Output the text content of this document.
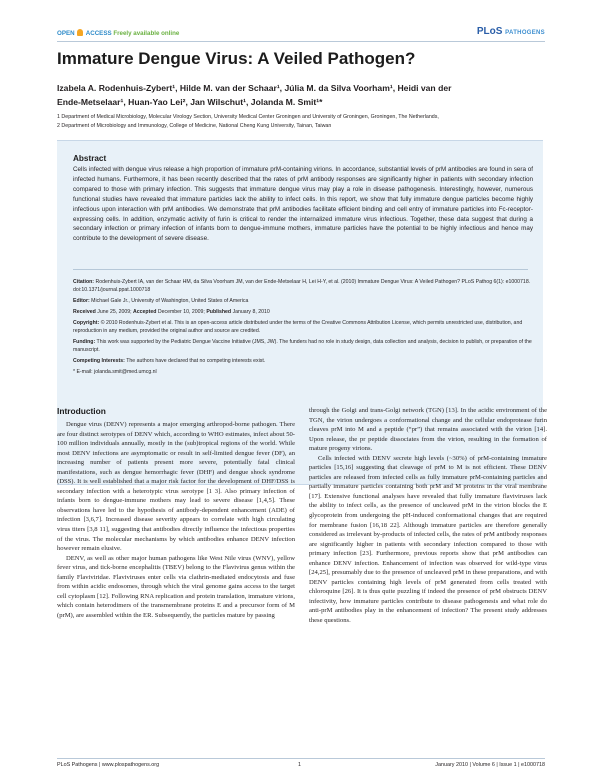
OPEN ACCESS Freely available online	PLoS PATHOGENS
Immature Dengue Virus: A Veiled Pathogen?
Izabela A. Rodenhuis-Zybert¹, Hilde M. van der Schaar¹, Júlia M. da Silva Voorham¹, Heidi van der
Ende-Metselaar¹, Huan-Yao Lei², Jan Wilschut¹, Jolanda M. Smit¹*

1 Department of Medical Microbiology, Molecular Virology Section, University Medical Center Groningen and University of Groningen, Groningen, The Netherlands,

2 Department of Microbiology and Immunology, College of Medicine, National Cheng Kung University, Tainan, Taiwan

Abstract

Cells infected with dengue virus release a high proportion of immature prM-containing virions. In accordance, substantial levels of prM antibodies are found in sera of infected humans. Furthermore, it has been recently described that the rates of prM antibody responses are significantly higher in patients with secondary infection compared to those with primary infection. This suggests that immature dengue virus may play a role in disease pathogenesis. Interestingly, however, numerous functional studies have revealed that immature particles lack the ability to infect cells. In this report, we show that fully immature dengue particles become highly infectious upon interaction with prM antibodies. We demonstrate that prM antibodies facilitate efficient binding and cell entry of immature particles into Fc-receptor-expressing cells. In addition, enzymatic activity of furin is critical to render the internalized immature virus infectious. Together, these data suggest that during a secondary infection or primary infection of infants born to dengue-immune mothers, immature particles have the potential to be highly infectious and hence may contribute to the development of severe disease.

Citation: Rodenhuis-Zybert IA, van der Schaar HM, da Silva Voorham JM, van der Ende-Metselaar H, Lei H-Y, et al. (2010) Immature Dengue Virus: A Veiled Pathogen? PLoS Pathog 6(1): e1000718. doi:10.1371/journal.ppat.1000718

Editor: Michael Gale Jr., University of Washington, United States of America

Received June 25, 2009; Accepted December 10, 2009; Published January 8, 2010

Copyright: © 2010 Rodenhuis-Zybert et al. This is an open-access article distributed under the terms of the Creative Commons Attribution License, which permits unrestricted use, distribution, and reproduction in any medium, provided the original author and source are credited.

Funding: This work was supported by the Pediatric Dengue Vaccine Initiative (JMS, JW). The funders had no role in study design, data collection and analysis, decision to publish, or preparation of the manuscript.

Competing Interests: The authors have declared that no competing interests exist.

* E-mail: jolanda.smit@med.umcg.nl

Introduction

Dengue virus (DENV) represents a major emerging arthropod-borne pathogen. There are four distinct serotypes of DENV which, according to WHO estimates, infect about 50-100 million individuals annually, mostly in the (sub)tropical regions of the world. While most DENV infections are asymptomatic or result in self-limited dengue fever (DF), an increasing number of patients present more severe, potentially fatal clinical manifestations, such as dengue hemorrhagic fever (DHF) and dengue shock syndrome (DSS). It is well established that a major risk factor for the development of DHF/DSS is secondary infection with a heterotypic virus serotype [1 3]. Also primary infection of infants born to dengue-immune mothers may lead to severe disease [1,4,5]. These observations have led to the hypothesis of antibody-dependent enhancement (ADE) of infection [3,6,7]. Increased disease severity appears to correlate with high circulating virus titers [3,8 11], suggesting that antibodies directly influence the infectious properties of the virus. The molecular mechanisms by which antibodies enhance DENV infection however remain elusive.

DENV, as well as other major human pathogens like West Nile virus (WNV), yellow fever virus, and tick-borne encephalitis (TBEV) belong to the Flavivirus genus within the family Flaviviridae. Flaviviruses enter cells via clathrin-mediated endocytosis and fuse from within acidic endosomes, through which the viral genome gains access to the target cell cytoplasm [12]. Following RNA replication and protein translation, immature virions, which contain heterodimers of the transmembrane proteins E and a precursor form of M (prM), are assembled within the ER. Subsequently, the particles mature by passing

through the Golgi and trans-Golgi network (TGN) [13]. In the acidic environment of the TGN, the virion undergoes a conformational change and the cellular endoprotease furin cleaves prM into M and a peptide (“pr”) that remains associated with the virion [14]. Upon release, the pr peptide dissociates from the virion, resulting in the formation of mature progeny virions.

Cells infected with DENV secrete high levels (~30%) of prM-containing immature particles [15,16] suggesting that cleavage of prM to M is not efficient. These DENV particles are released from infected cells as fully immature prM-containing particles and partially immature particles containing both prM and M proteins in the viral membrane [17]. Extensive functional analyses have revealed that fully immature flaviviruses lack the ability to infect cells, as the presence of uncleaved prM in the virion blocks the E glycoprotein from undergoing the pH-induced conformational changes that are required for membrane fusion [16,18 22]. Although immature particles are therefore generally considered as irrelevant by-products of infected cells, the rates of prM antibody responses are significantly higher in patients with secondary infection compared to those with primary infection [23]. Furthermore, previous reports show that prM antibodies can enhance DENV infection. Enhancement of infection was observed for wild-type virus [24,25], presumably due to the presence of uncleaved prM in these preparations, and with DENV particles containing high levels of prM generated from cells treated with chloroquine [26]. It is thus quite puzzling if indeed the presence of prM obstructs DENV infectivity, how immature particles contribute to disease pathogenesis and what role do anti-prM antibodies play in the enhancement of infection? The present study addresses these questions.

PLoS Pathogens | www.plospathogens.org	1	January 2010 | Volume 6 | Issue 1 | e1000718
